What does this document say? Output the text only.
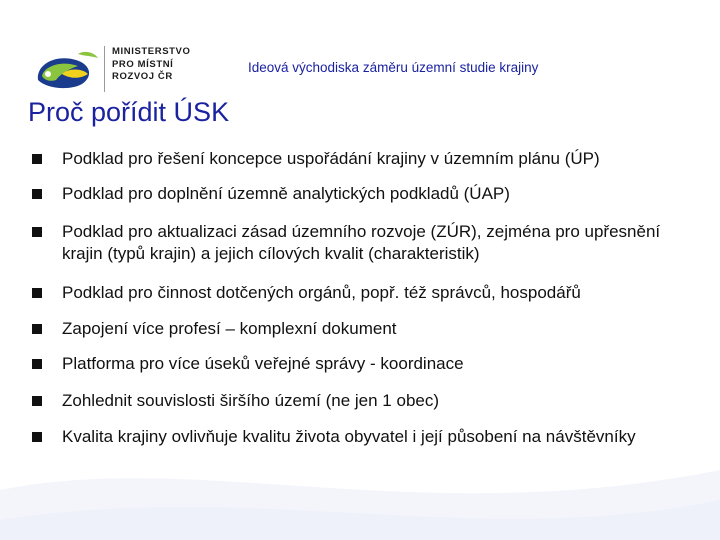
MINISTERSTVO
PRO MÍSTNÍ
ROZVOJ ČR
Ideová východiska záměru územní studie krajiny
Proč pořídit ÚSK
Podklad pro řešení koncepce uspořádání krajiny v územním plánu (ÚP)
Podklad pro doplnění územně analytických podkladů (ÚAP)
Podklad pro aktualizaci zásad územního rozvoje (ZÚR), zejména pro upřesnění krajin (typů krajin) a jejich cílových kvalit (charakteristik)
Podklad pro činnost dotčených orgánů, popř. též správců, hospodářů
Zapojení více profesí – komplexní dokument
Platforma pro více úseků veřejné správy - koordinace
Zohlednit souvislosti širšího území (ne jen 1 obec)
Kvalita krajiny ovlivňuje kvalitu života obyvatel i její působení na návštěvníky
